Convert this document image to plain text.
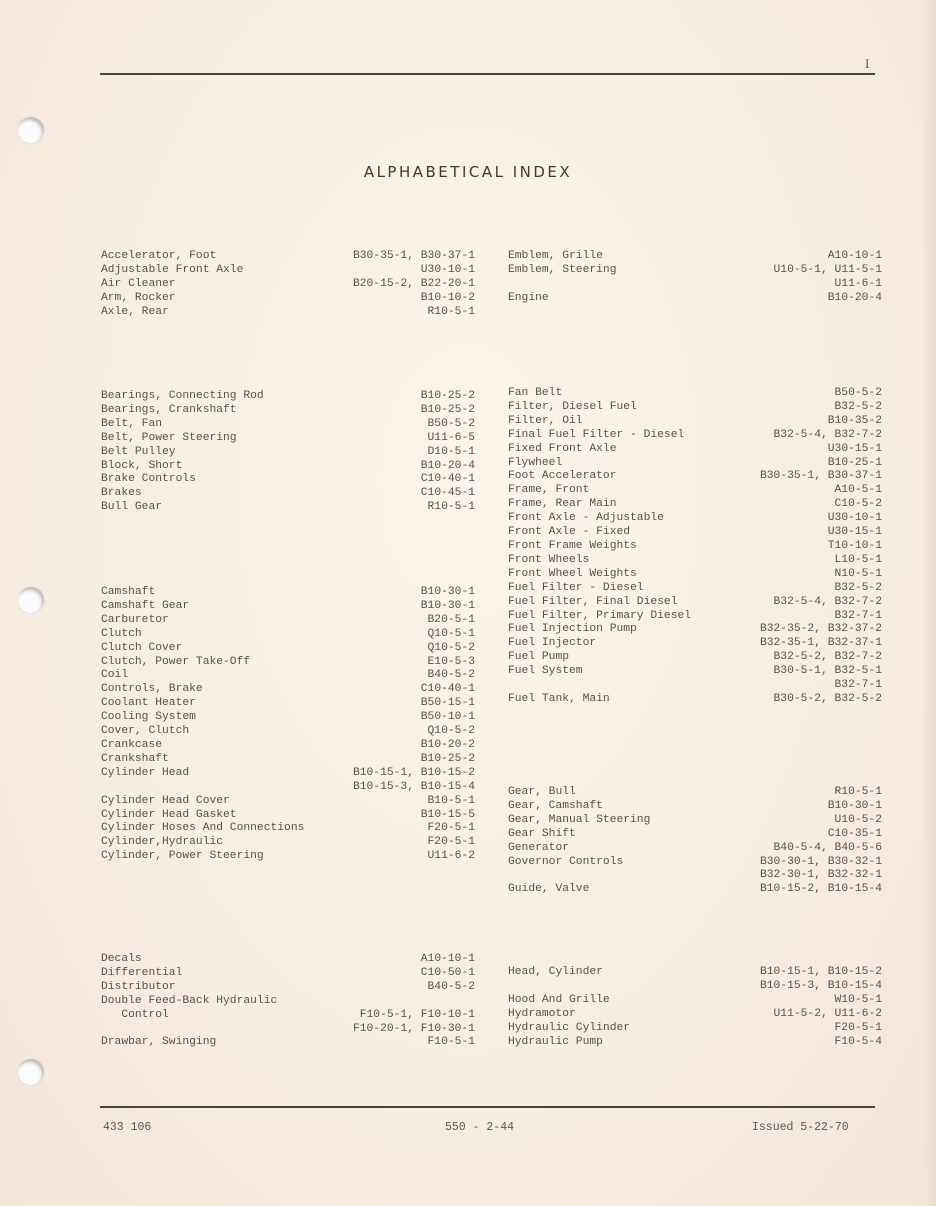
I
ALPHABETICAL INDEX
Accelerator, Foot	B30-35-1, B30-37-1
Adjustable Front Axle	U30-10-1
Air Cleaner	B20-15-2, B22-20-1
Arm, Rocker	B10-10-2
Axle, Rear	R10-5-1
Bearings, Connecting Rod	B10-25-2
Bearings, Crankshaft	B10-25-2
Belt, Fan	B50-5-2
Belt, Power Steering	U11-6-5
Belt Pulley	D10-5-1
Block, Short	B10-20-4
Brake Controls	C10-40-1
Brakes	C10-45-1
Bull Gear	R10-5-1
Camshaft	B10-30-1
Camshaft Gear	B10-30-1
Carburetor	B20-5-1
Clutch	Q10-5-1
Clutch Cover	Q10-5-2
Clutch, Power Take-Off	E10-5-3
Coil	B40-5-2
Controls, Brake	C10-40-1
Coolant Heater	B50-15-1
Cooling System	B50-10-1
Cover, Clutch	Q10-5-2
Crankcase	B10-20-2
Crankshaft	B10-25-2
Cylinder Head	B10-15-1, B10-15-2
B10-15-3, B10-15-4
Cylinder Head Cover	B10-5-1
Cylinder Head Gasket	B10-15-5
Cylinder Hoses And Connections	F20-5-1
Cylinder,Hydraulic	F20-5-1
Cylinder, Power Steering	U11-6-2
Decals	A10-10-1
Differential	C10-50-1
Distributor	B40-5-2
Double Feed-Back Hydraulic
Control	F10-5-1, F10-10-1
F10-20-1, F10-30-1
Drawbar, Swinging	F10-5-1
Emblem, Grille	A10-10-1
Emblem, Steering	U10-5-1, U11-5-1
U11-6-1
Engine	B10-20-4
Fan Belt	B50-5-2
Filter, Diesel Fuel	B32-5-2
Filter, Oil	B10-35-2
Final Fuel Filter - Diesel	B32-5-4, B32-7-2
Fixed Front Axle	U30-15-1
Flywheel	B10-25-1
Foot Accelerator	B30-35-1, B30-37-1
Frame, Front	A10-5-1
Frame, Rear Main	C10-5-2
Front Axle - Adjustable	U30-10-1
Front Axle - Fixed	U30-15-1
Front Frame Weights	T10-10-1
Front Wheels	L10-5-1
Front Wheel Weights	N10-5-1
Fuel Filter - Diesel	B32-5-2
Fuel Filter, Final Diesel	B32-5-4, B32-7-2
Fuel Filter, Primary Diesel	B32-7-1
Fuel Injection Pump	B32-35-2, B32-37-2
Fuel Injector	B32-35-1, B32-37-1
Fuel Pump	B32-5-2, B32-7-2
Fuel System	B30-5-1, B32-5-1
B32-7-1
Fuel Tank, Main	B30-5-2, B32-5-2
Gear, Bull	R10-5-1
Gear, Camshaft	B10-30-1
Gear, Manual Steering	U10-5-2
Gear Shift	C10-35-1
Generator	B40-5-4, B40-5-6
Governor Controls	B30-30-1, B30-32-1
B32-30-1, B32-32-1
Guide, Valve	B10-15-2, B10-15-4
Head, Cylinder	B10-15-1, B10-15-2
B10-15-3, B10-15-4
Hood And Grille	W10-5-1
Hydramotor	U11-5-2, U11-6-2
Hydraulic Cylinder	F20-5-1
Hydraulic Pump	F10-5-4
433 106	550 - 2-44	Issued 5-22-70
